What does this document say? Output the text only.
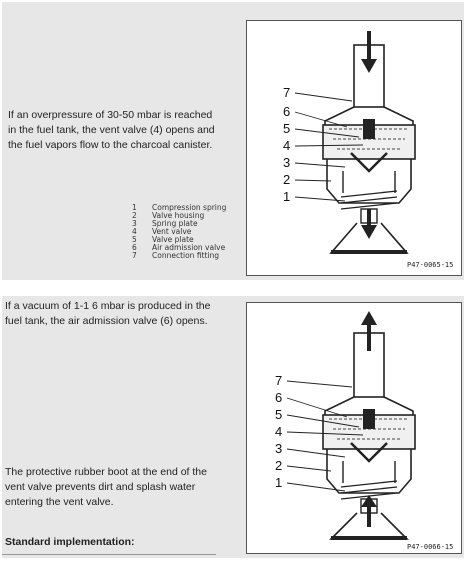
If an overpressure of 30-50 mbar is reached in the fuel tank, the vent valve (4) opens and the fuel vapors flow to the charcoal canister.
1	Compression spring
2	Valve housing
3	Spring plate
4	Vent valve
5	Valve plate
6	Air admission valve
7	Connection fitting
7
6
5
4
3
2
1
P47-0065-15
If a vacuum of 1-1 6 mbar is produced in the fuel tank, the air admission valve (6) opens.
The protective rubber boot at the end of the vent valve prevents dirt and splash water entering the vent valve.
Standard implementation:
7
6
5
4
3
2
1
P47-0066-15
